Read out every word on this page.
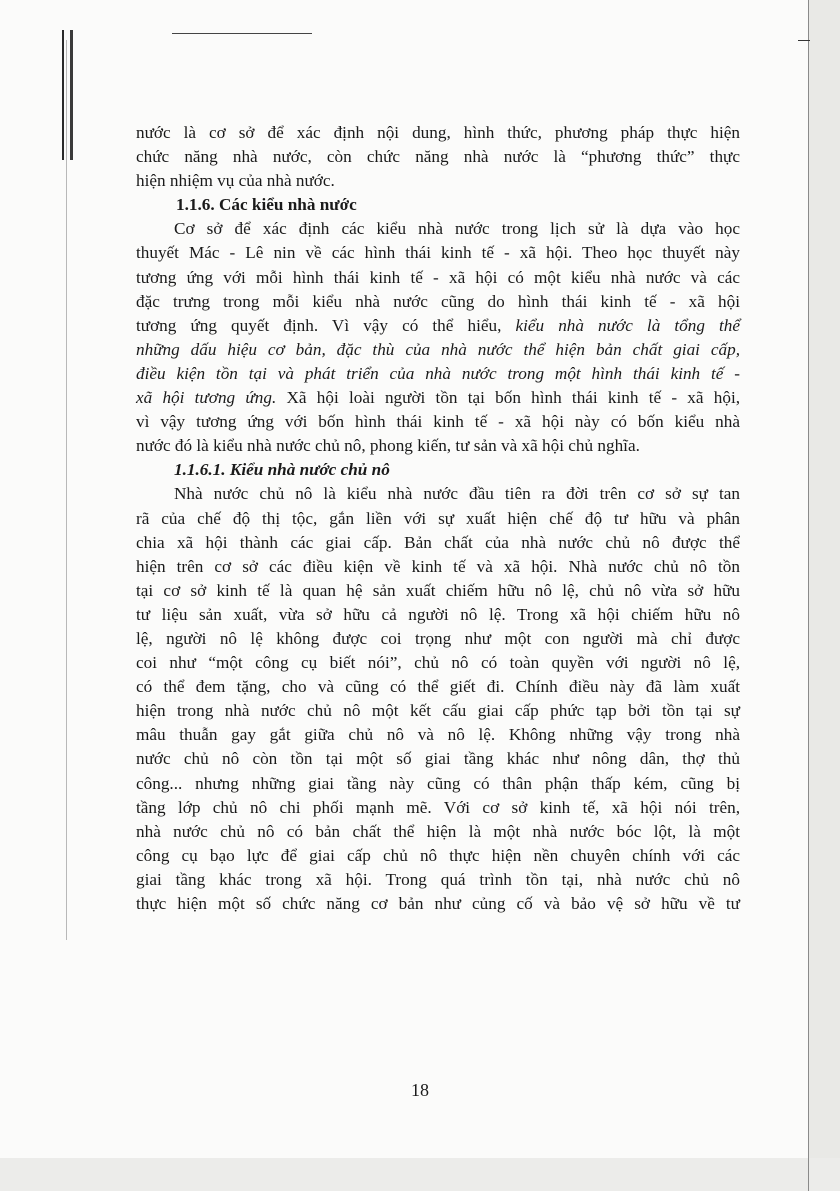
nước là cơ sở để xác định nội dung, hình thức, phương pháp thực hiện
chức năng nhà nước, còn chức năng nhà nước là “phương thức” thực
hiện nhiệm vụ của nhà nước.
1.1.6. Các kiểu nhà nước
Cơ sở để xác định các kiểu nhà nước trong lịch sử là dựa vào học
thuyết Mác - Lê nin về các hình thái kinh tế - xã hội. Theo học thuyết này
tương ứng với mỗi hình thái kinh tế - xã hội có một kiểu nhà nước và các
đặc trưng trong mỗi kiểu nhà nước cũng do hình thái kinh tế - xã hội
tương ứng quyết định. Vì vậy có thể hiểu, kiểu nhà nước là tổng thể
những dấu hiệu cơ bản, đặc thù của nhà nước thể hiện bản chất giai cấp,
điều kiện tồn tại và phát triển của nhà nước trong một hình thái kinh tế -
xã hội tương ứng. Xã hội loài người tồn tại bốn hình thái kinh tế - xã hội,
vì vậy tương ứng với bốn hình thái kinh tế - xã hội này có bốn kiểu nhà
nước đó là kiểu nhà nước chủ nô, phong kiến, tư sản và xã hội chủ nghĩa.
1.1.6.1. Kiểu nhà nước chủ nô
Nhà nước chủ nô là kiểu nhà nước đầu tiên ra đời trên cơ sở sự tan
rã của chế độ thị tộc, gắn liền với sự xuất hiện chế độ tư hữu và phân
chia xã hội thành các giai cấp. Bản chất của nhà nước chủ nô được thể
hiện trên cơ sở các điều kiện về kinh tế và xã hội. Nhà nước chủ nô tồn
tại cơ sở kinh tế là quan hệ sản xuất chiếm hữu nô lệ, chủ nô vừa sở hữu
tư liệu sản xuất, vừa sở hữu cả người nô lệ. Trong xã hội chiếm hữu nô
lệ, người nô lệ không được coi trọng như một con người mà chỉ được
coi như “một công cụ biết nói”, chủ nô có toàn quyền với người nô lệ,
có thể đem tặng, cho và cũng có thể giết đi. Chính điều này đã làm xuất
hiện trong nhà nước chủ nô một kết cấu giai cấp phức tạp bởi tồn tại sự
mâu thuẫn gay gắt giữa chủ nô và nô lệ. Không những vậy trong nhà
nước chủ nô còn tồn tại một số giai tầng khác như nông dân, thợ thủ
công... nhưng những giai tầng này cũng có thân phận thấp kém, cũng bị
tầng lớp chủ nô chi phối mạnh mẽ. Với cơ sở kinh tế, xã hội nói trên,
nhà nước chủ nô có bản chất thể hiện là một nhà nước bóc lột, là một
công cụ bạo lực để giai cấp chủ nô thực hiện nền chuyên chính với các
giai tầng khác trong xã hội. Trong quá trình tồn tại, nhà nước chủ nô
thực hiện một số chức năng cơ bản như củng cố và bảo vệ sở hữu về tư
18
